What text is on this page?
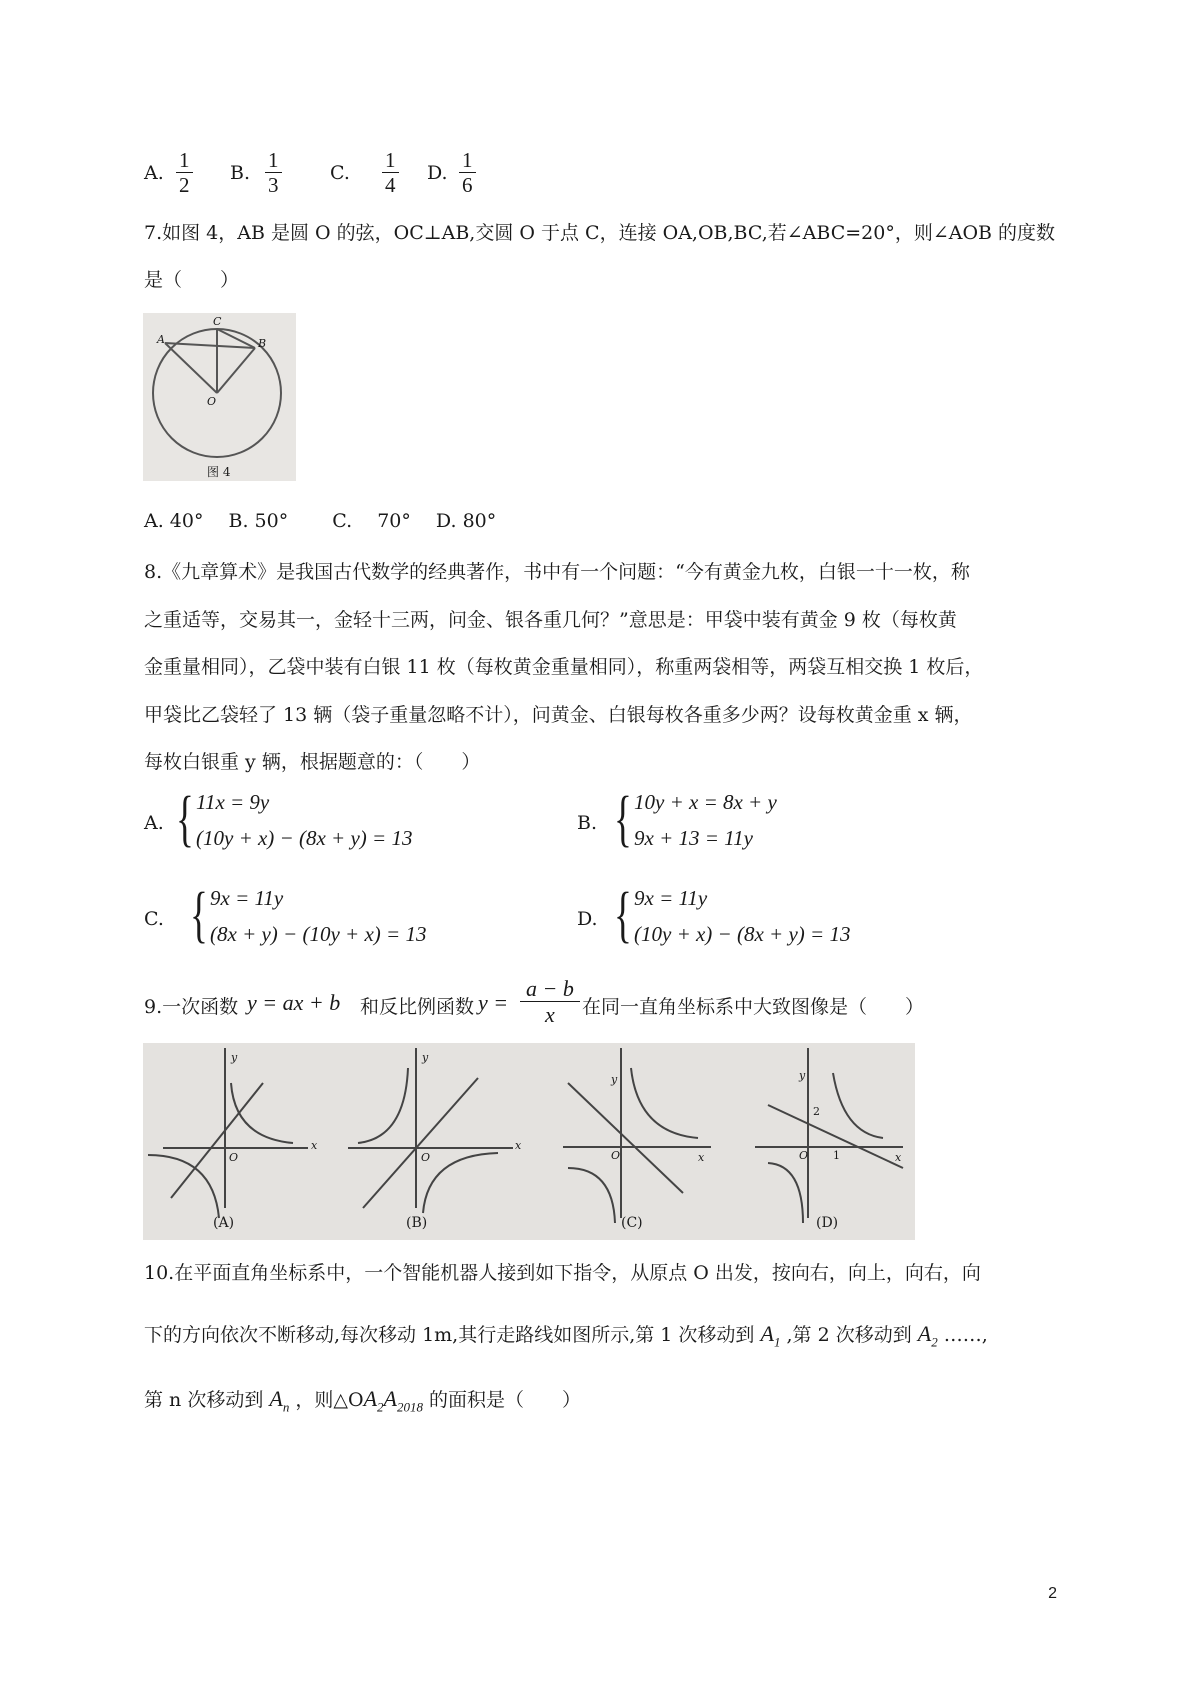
A. $\frac{1}{2} B$. $\frac{1}{3}$	C. $\frac{1}{4} D$. $\frac{1}{6}$
7.如图 4，AB 是圆 O 的弦，OC⊥AB,交圆 O 于点 C，连接 OA,OB,BC,若∠ABC=20°，则∠AOB 的度数
是（　　）
A	B
C
O
图 4
A. 40°　 B. 50°　　 C.　 70°　 D. 80°
8.《九章算术》是我国古代数学的经典著作，书中有一个问题：“今有黄金九枚，白银一十一枚，称
之重适等，交易其一，金轻十三两，问金、银各重几何？”意思是：甲袋中装有黄金 9 枚（每枚黄
金重量相同），乙袋中装有白银 11 枚（每枚黄金重量相同），称重两袋相等，两袋互相交换 1 枚后，
甲袋比乙袋轻了 13 辆（袋子重量忽略不计），问黄金、白银每枚各重多少两？设每枚黄金重 x 辆，
每枚白银重 y 辆，根据题意的：（　　）
A. { 11x = 9y
(10y + x) − (8x + y) = 13
B. { 10y + x = 8x + y
9x + 13 = 11y
C. { 9x = 11y
(8x + y) − (10y + x) = 13
D. { 9x = 11y
(10y + x) − (8x + y) = 13
9.一次函数 y = ax + b 和反比例函数 $y = \frac{a - b}{x}$ 在同一直角坐标系中大致图像是（　　）
(A)	(B)	(C)	(D)
y
x
O
y
x
O
y
x
O
y
x
O
2
1
10.在平面直角坐标系中，一个智能机器人接到如下指令，从原点 O 出发，按向右，向上，向右，向
下的方向依次不断移动,每次移动 1m,其行走路线如图所示,第 1 次移动到 $A_1$ ,第 2 次移动到 $A_2$ ……,
第 n 次移动到 $A_n$ ，则$\triangle OA_2A_{2018}$ 的面积是（　　）
2
